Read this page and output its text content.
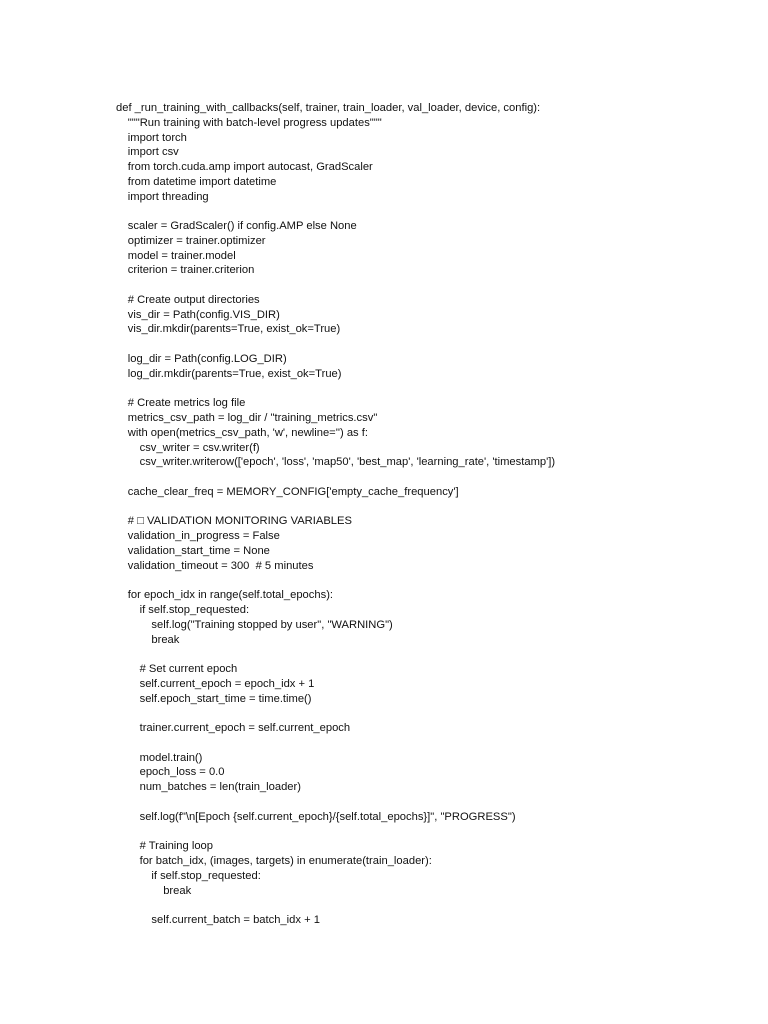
def _run_training_with_callbacks(self, trainer, train_loader, val_loader, device, config):
"""Run training with batch-level progress updates"""
import torch
import csv
from torch.cuda.amp import autocast, GradScaler
from datetime import datetime
import threading
scaler = GradScaler() if config.AMP else None
optimizer = trainer.optimizer
model = trainer.model
criterion = trainer.criterion
# Create output directories
vis_dir = Path(config.VIS_DIR)
vis_dir.mkdir(parents=True, exist_ok=True)
log_dir = Path(config.LOG_DIR)
log_dir.mkdir(parents=True, exist_ok=True)
# Create metrics log file
metrics_csv_path = log_dir / "training_metrics.csv"
with open(metrics_csv_path, 'w', newline='') as f:
csv_writer = csv.writer(f)
csv_writer.writerow(['epoch', 'loss', 'map50', 'best_map', 'learning_rate', 'timestamp'])
cache_clear_freq = MEMORY_CONFIG['empty_cache_frequency']
# □ VALIDATION MONITORING VARIABLES
validation_in_progress = False
validation_start_time = None
validation_timeout = 300  # 5 minutes
for epoch_idx in range(self.total_epochs):
if self.stop_requested:
self.log("Training stopped by user", "WARNING")
break
# Set current epoch
self.current_epoch = epoch_idx + 1
self.epoch_start_time = time.time()
trainer.current_epoch = self.current_epoch
model.train()
epoch_loss = 0.0
num_batches = len(train_loader)
self.log(f"\n[Epoch {self.current_epoch}/{self.total_epochs}]", "PROGRESS")
# Training loop
for batch_idx, (images, targets) in enumerate(train_loader):
if self.stop_requested:
break
self.current_batch = batch_idx + 1
